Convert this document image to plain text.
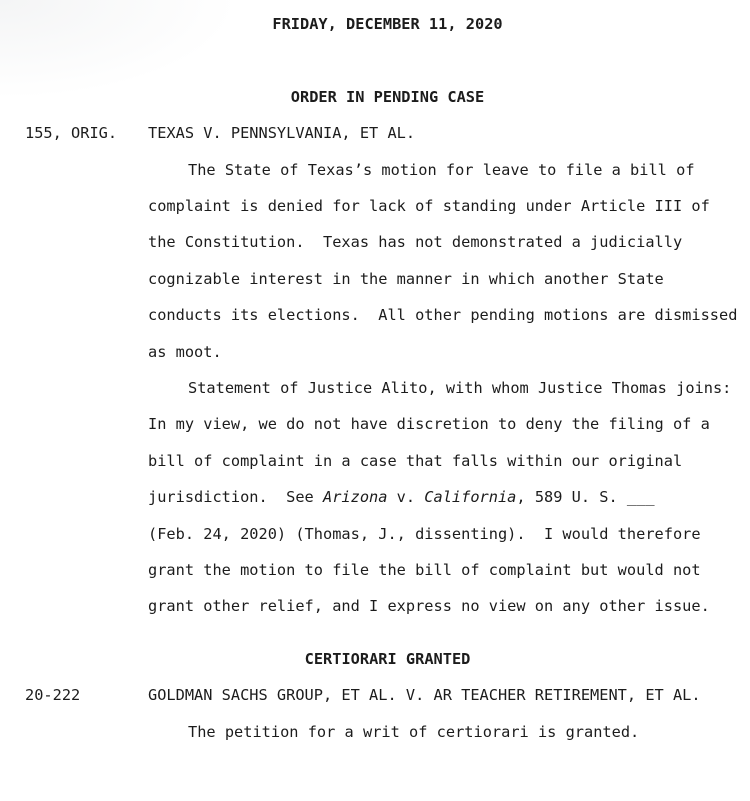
FRIDAY, DECEMBER 11, 2020
ORDER IN PENDING CASE
155, ORIG.	TEXAS V. PENNSYLVANIA, ET AL.
The State of Texas’s motion for leave to file a bill of
complaint is denied for lack of standing under Article III of
the Constitution.  Texas has not demonstrated a judicially
cognizable interest in the manner in which another State
conducts its elections.  All other pending motions are dismissed
as moot.
Statement of Justice Alito, with whom Justice Thomas joins:
In my view, we do not have discretion to deny the filing of a
bill of complaint in a case that falls within our original
jurisdiction.  See Arizona v. California, 589 U. S. ___
(Feb. 24, 2020) (Thomas, J., dissenting).  I would therefore
grant the motion to file the bill of complaint but would not
grant other relief, and I express no view on any other issue.
CERTIORARI GRANTED
20-222	GOLDMAN SACHS GROUP, ET AL. V. AR TEACHER RETIREMENT, ET AL.
The petition for a writ of certiorari is granted.
